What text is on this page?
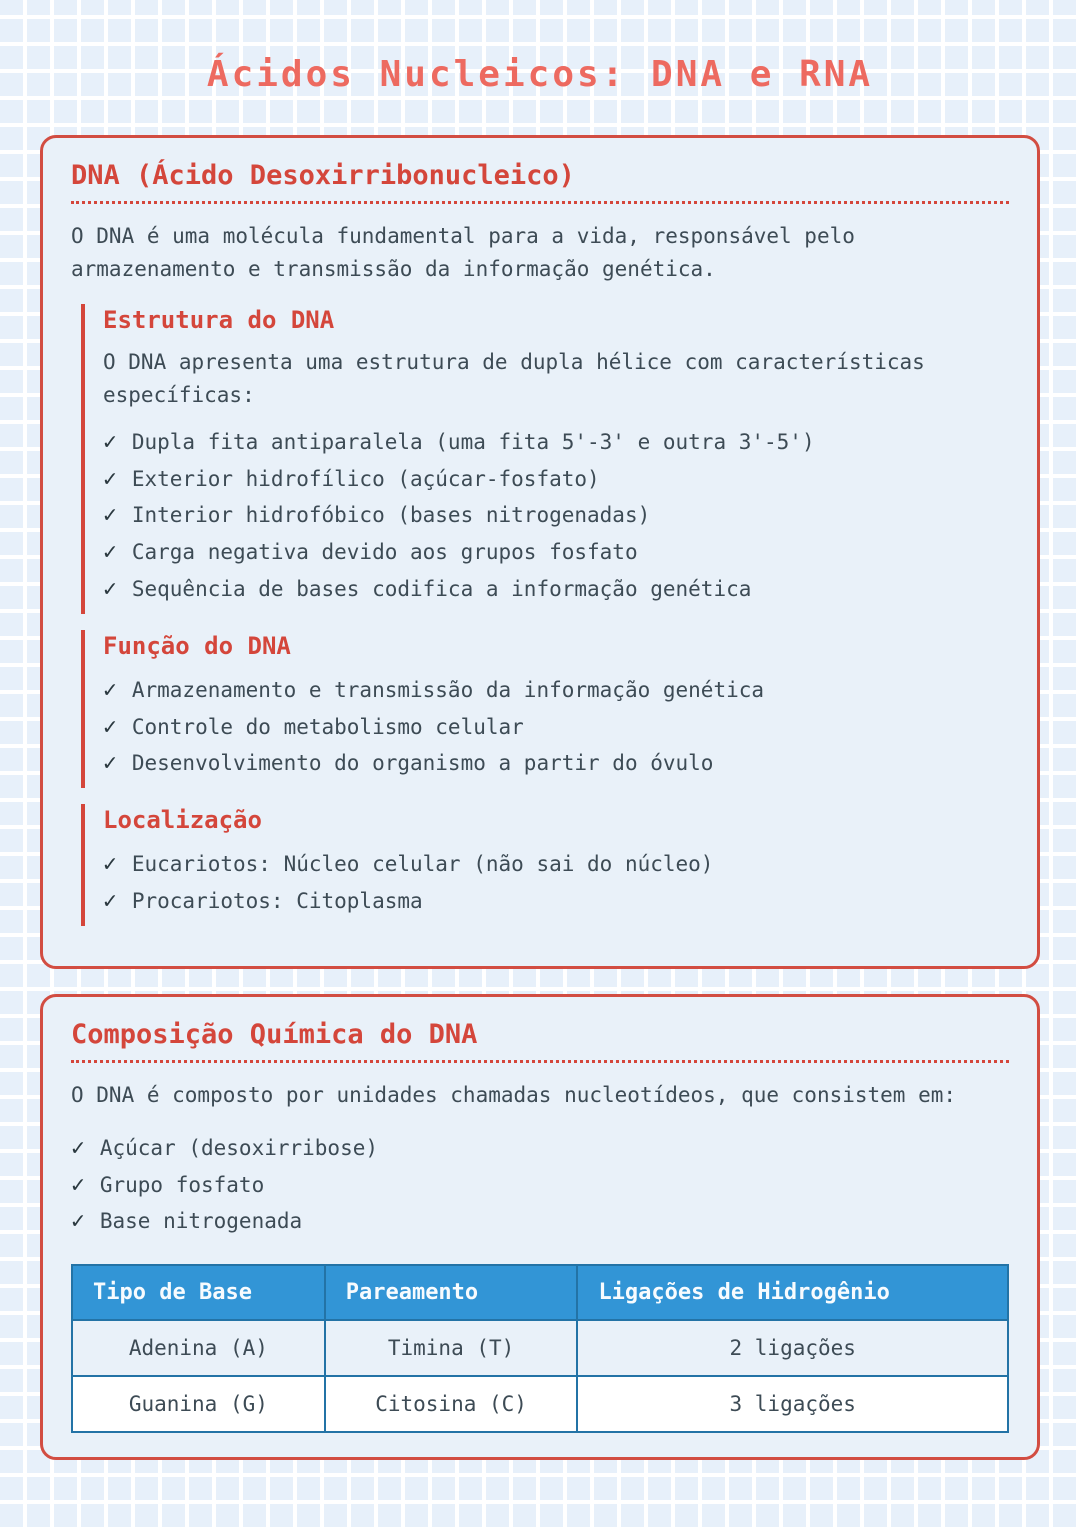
Ácidos Nucleicos: DNA e RNA
DNA (Ácido Desoxirribonucleico)

O DNA é uma molécula fundamental para a vida, responsável pelo armazenamento e transmissão da informação genética.

Estrutura do DNA

O DNA apresenta uma estrutura de dupla hélice com características específicas:

✓ Dupla fita antiparalela (uma fita 5'-3' e outra 3'-5')
✓ Exterior hidrofílico (açúcar-fosfato)
✓ Interior hidrofóbico (bases nitrogenadas)
✓ Carga negativa devido aos grupos fosfato
✓ Sequência de bases codifica a informação genética
Função do DNA
✓ Armazenamento e transmissão da informação genética
✓ Controle do metabolismo celular
✓ Desenvolvimento do organismo a partir do óvulo
Localização
✓ Eucariotos: Núcleo celular (não sai do núcleo)
✓ Procariotos: Citoplasma
Composição Química do DNA

O DNA é composto por unidades chamadas nucleotídeos, que consistem em:

✓ Açúcar (desoxirribose)
✓ Grupo fosfato
✓ Base nitrogenada
Tipo de Base	Pareamento	Ligações de Hidrogênio
Adenina (A)	Timina (T)	2 ligações
Guanina (G)	Citosina (C)	3 ligações
